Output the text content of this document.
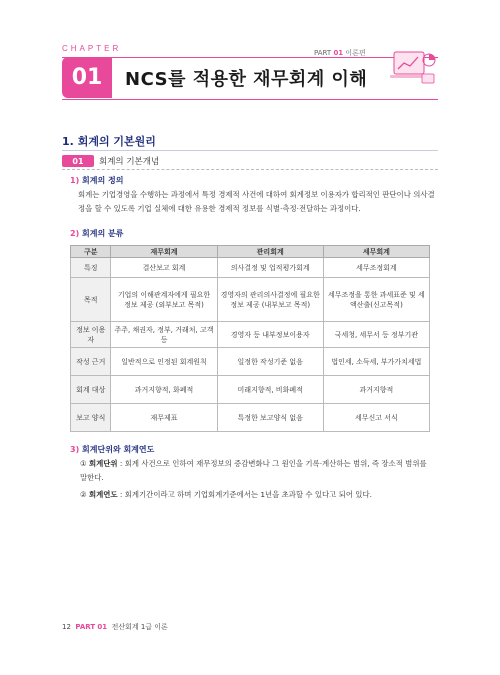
CHAPTER	PART 01 이론편
01 NCS를 적용한 재무회계 이해
1. 회계의 기본원리
01 회계의 기본개념
1) 회계의 정의
회계는 기업경영을 수행하는 과정에서 특정 경제적 사건에 대하여 회계정보 이용자가 합리적인 판단이나 의사결정을 할 수 있도록 기업 실체에 대한 유용한 경제적 정보를 식별·측정·전달하는 과정이다.
2) 회계의 분류
구분	재무회계	관리회계	세무회계
특징	결산보고 회계	의사결정 및 업적평가회계	세무조정회계
목적	기업의 이해관계자에게 필요한 정보 제공 (외부보고 목적)	경영자의 관리의사결정에 필요한 정보 제공 (내부보고 목적)	세무조정을 통한 과세표준 및 세액산출(신고목적)
정보 이용자	주주, 채권자, 정부, 거래처, 고객 등	경영자 등 내부정보이용자	국세청, 세무서 등 정부기관
작성 근거	일반적으로 인정된 회계원칙	일정한 작성기준 없음	법인세, 소득세, 부가가치세법
회계 대상	과거지향적, 화폐적	미래지향적, 비화폐적	과거지향적
보고 양식	재무제표	특정한 보고양식 없음	세무신고 서식
3) 회계단위와 회계연도
① 회계단위 : 회계 사건으로 인하여 재무정보의 증감변화나 그 원인을 기록·계산하는 범위, 즉 장소적 범위를 말한다.
② 회계연도 : 회계기간이라고 하며 기업회계기준에서는 1년을 초과할 수 있다고 되어 있다.
12 PART 01 전산회계 1급 이론
